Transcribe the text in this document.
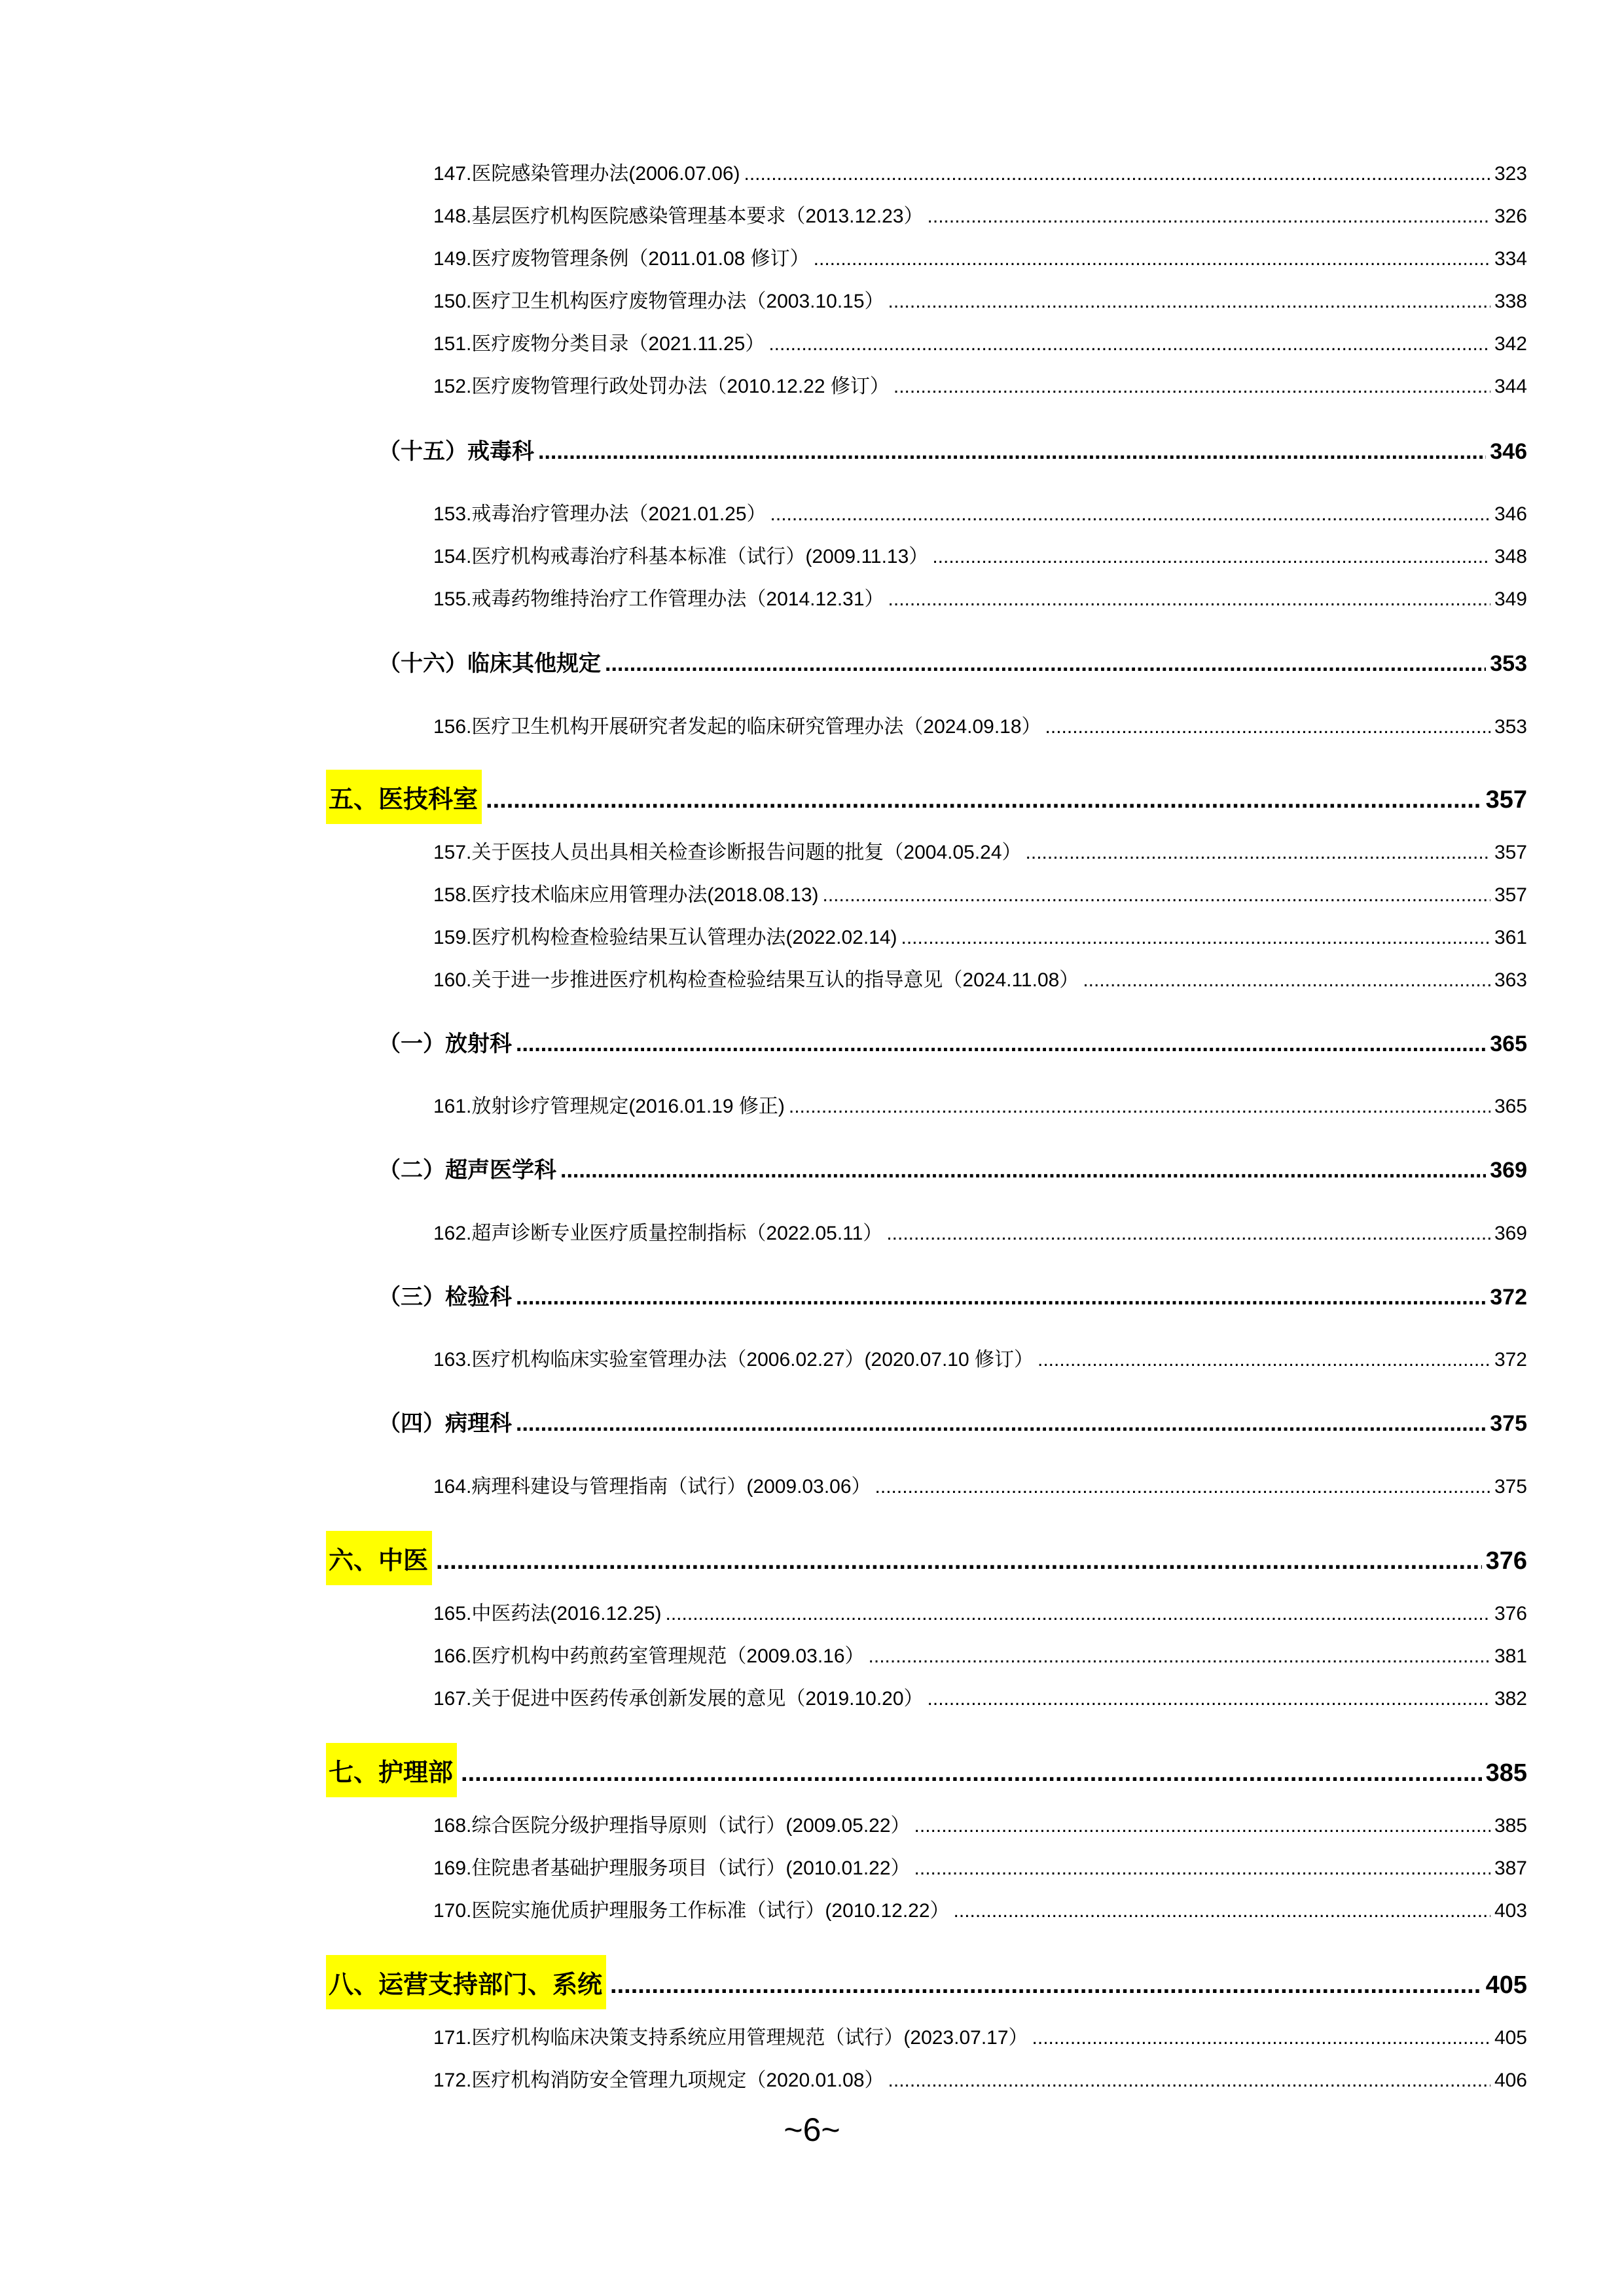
147.医院感染管理办法(2006.07.06) .....	323
148.基层医疗机构医院感染管理基本要求（2013.12.23） .....	326
149.医疗废物管理条例（2011.01.08 修订） .....	334
150.医疗卫生机构医疗废物管理办法（2003.10.15） .....	338
151.医疗废物分类目录（2021.11.25） .....	342
152.医疗废物管理行政处罚办法（2010.12.22 修订） .....	344
（十五）戒毒科 .....	346
153.戒毒治疗管理办法（2021.01.25） .....	346
154.医疗机构戒毒治疗科基本标准（试行）(2009.11.13） .....	348
155.戒毒药物维持治疗工作管理办法（2014.12.31） .....	349
（十六）临床其他规定 .....	353
156.医疗卫生机构开展研究者发起的临床研究管理办法（2024.09.18） .....	353
五、医技科室 .....	357
157.关于医技人员出具相关检查诊断报告问题的批复（2004.05.24） .....	357
158.医疗技术临床应用管理办法(2018.08.13) .....	357
159.医疗机构检查检验结果互认管理办法(2022.02.14) .....	361
160.关于进一步推进医疗机构检查检验结果互认的指导意见（2024.11.08） .....	363
（一）放射科 .....	365
161.放射诊疗管理规定(2016.01.19 修正) .....	365
（二）超声医学科 .....	369
162.超声诊断专业医疗质量控制指标（2022.05.11） .....	369
（三）检验科 .....	372
163.医疗机构临床实验室管理办法（2006.02.27）(2020.07.10 修订） .....	372
（四）病理科 .....	375
164.病理科建设与管理指南（试行）(2009.03.06） .....	375
六、中医 .....	376
165.中医药法(2016.12.25) .....	376
166.医疗机构中药煎药室管理规范（2009.03.16） .....	381
167.关于促进中医药传承创新发展的意见（2019.10.20） .....	382
七、护理部 .....	385
168.综合医院分级护理指导原则（试行）(2009.05.22） .....	385
169.住院患者基础护理服务项目（试行）(2010.01.22） .....	387
170.医院实施优质护理服务工作标准（试行）(2010.12.22） .....	403
八、运营支持部门、系统 .....	405
171.医疗机构临床决策支持系统应用管理规范（试行）(2023.07.17） .....	405
172.医疗机构消防安全管理九项规定（2020.01.08） .....	406
~6~
